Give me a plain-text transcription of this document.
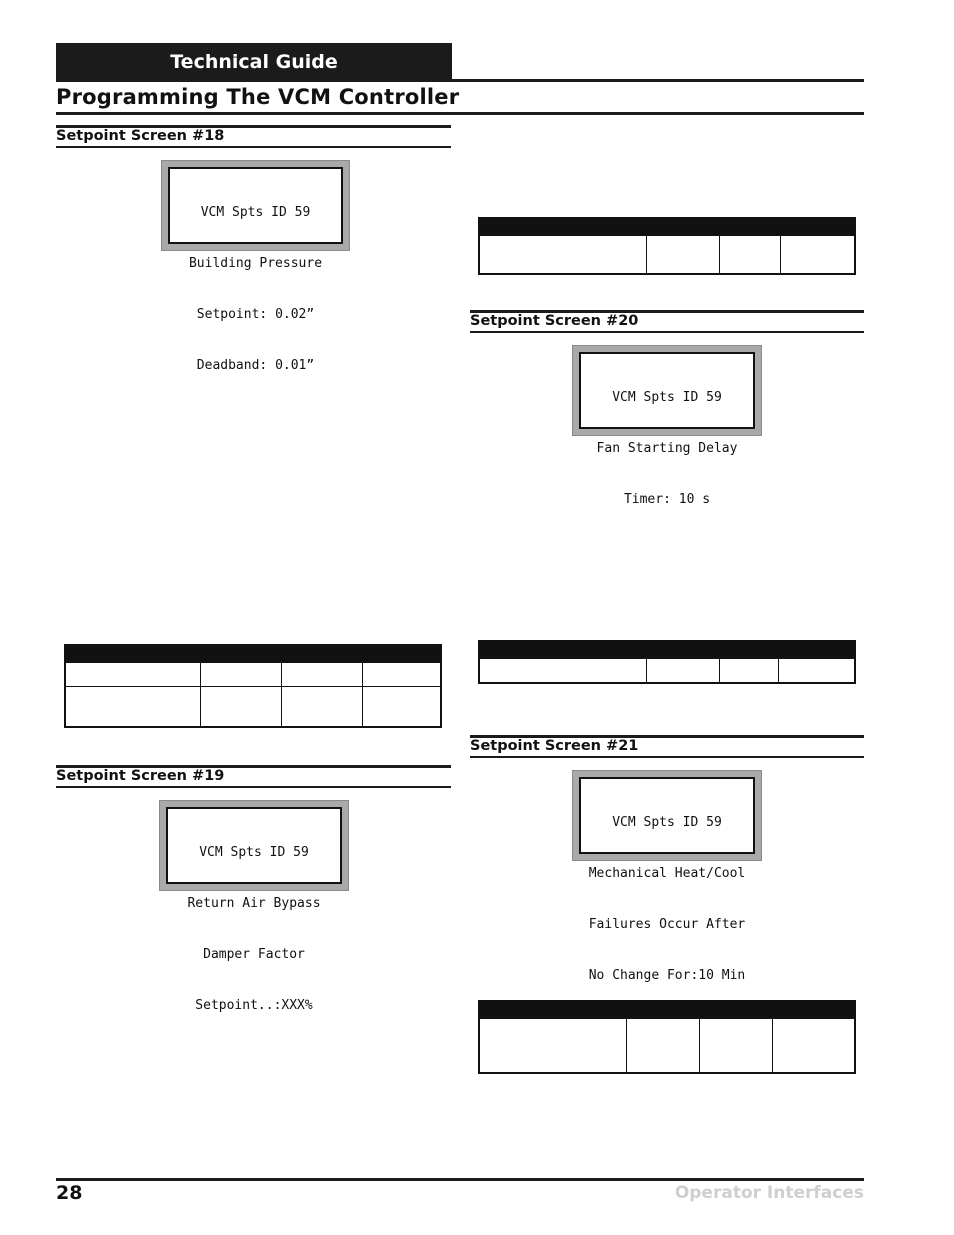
Technical Guide
Programming The VCM Controller
Setpoint Screen #18

VCM Spts ID 59

Building Pressure

Setpoint: 0.02”

Deadband: 0.01”

Setpoint Screen #19

VCM Spts ID 59

Return Air Bypass

Damper Factor

Setpoint..:XXX%

Setpoint Screen #20

VCM Spts ID 59

Fan Starting Delay

Timer: 10 s

Setpoint Screen #21

VCM Spts ID 59

Mechanical Heat/Cool

Failures Occur After

No Change For:10 Min

28	Operator Interfaces
